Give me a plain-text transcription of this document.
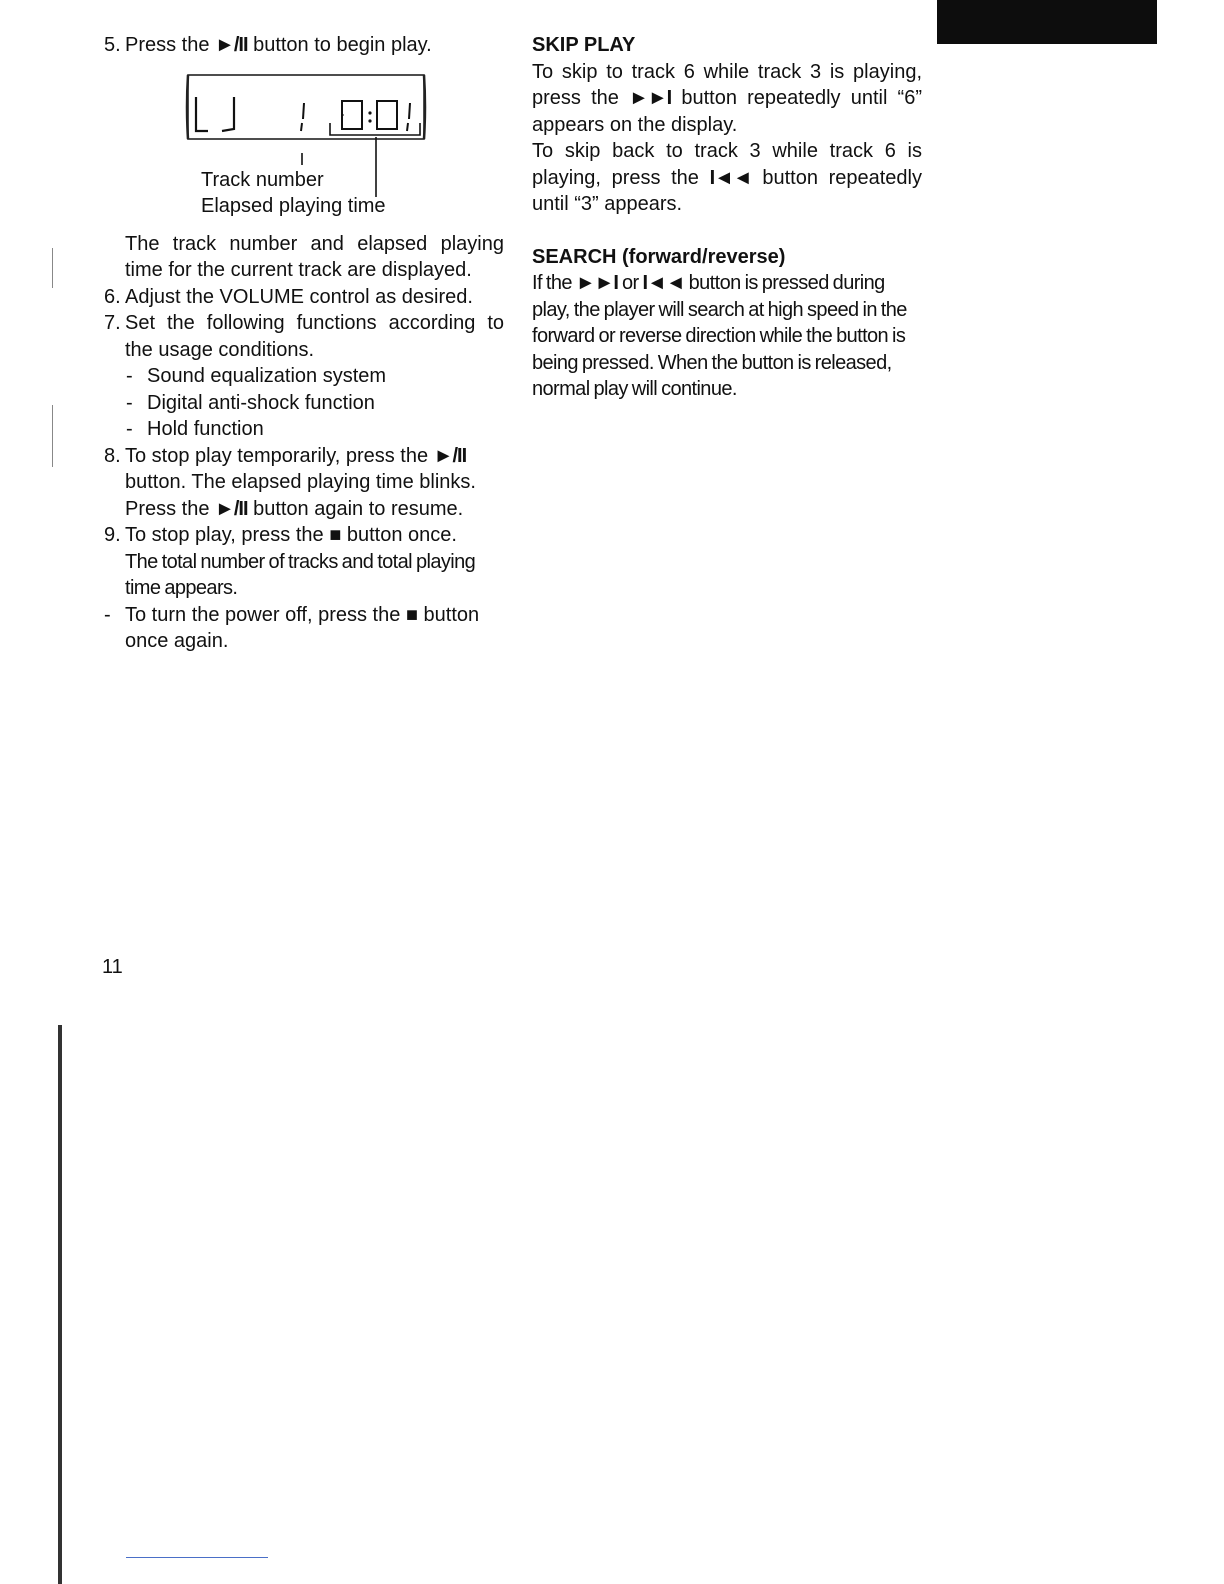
5. Press the ►/II button to begin play.
Track number
Elapsed playing time
The track number and elapsed playing time for the current track are displayed.
6. Adjust the VOLUME control as desired.
7. Set the following functions according to the usage conditions.
- Sound equalization system
- Digital anti-shock function
- Hold function
8. To stop play temporarily, press the ►/II button. The elapsed playing time blinks. Press the ►/II button again to resume.
9. To stop play, press the ■ button once.
The total number of tracks and total playing time appears.
- To turn the power off, press the ■ button once again.
SKIP PLAY
To skip to track 6 while track 3 is playing, press the ►►I button repeatedly until “6” appears on the display.
To skip back to track 3 while track 6 is playing, press the I◄◄ button repeatedly until “3” appears.
SEARCH (forward/reverse)
If the ►►I or I◄◄ button is pressed during play, the player will search at high speed in the forward or reverse direction while the button is being pressed. When the button is released, normal play will continue.
11
